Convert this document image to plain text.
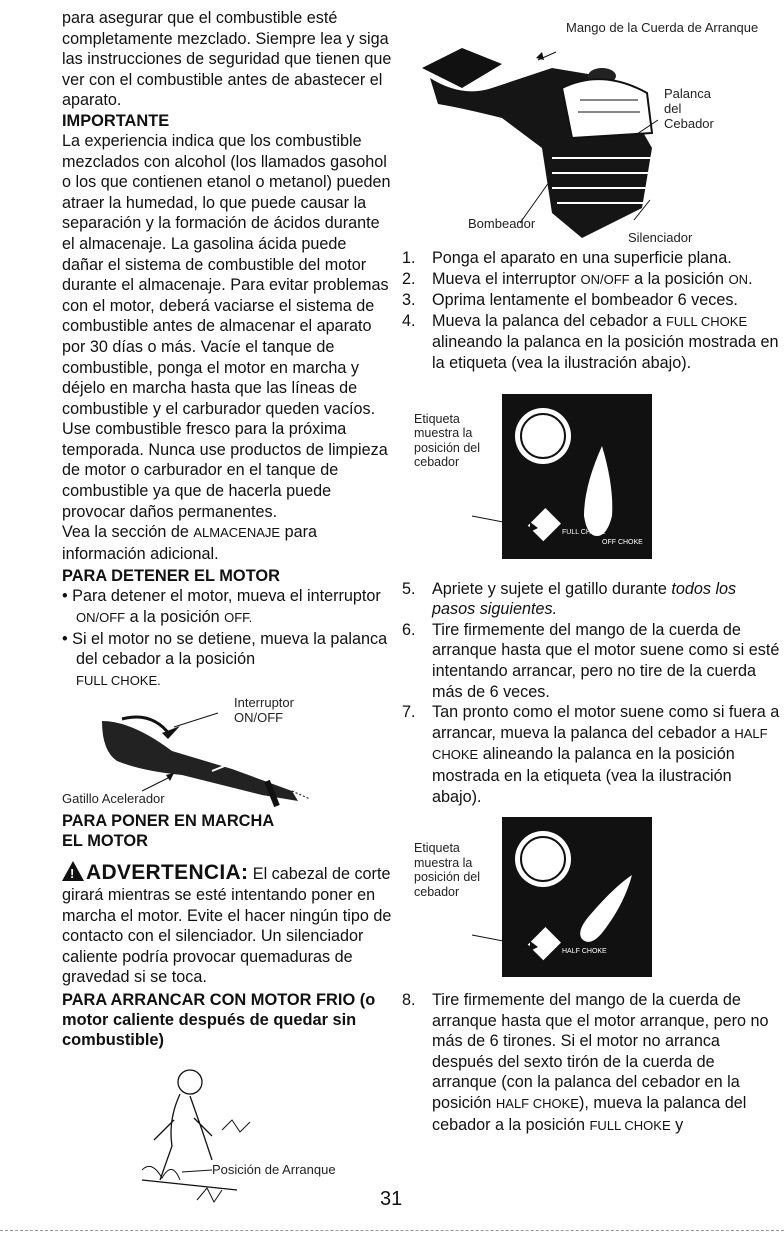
para asegurar que el combustible esté completamente mezclado. Siempre lea y siga las instrucciones de seguridad que tienen que ver con el combustible antes de abastecer el aparato.

IMPORTANTE

La experiencia indica que los combustible mezclados con alcohol (los llamados gasohol o los que contienen etanol o metanol) pueden atraer la humedad, lo que puede causar la separación y la formación de ácidos durante el almacenaje. La gasolina ácida puede dañar el sistema de combustible del motor durante el almacenaje. Para evitar problemas con el motor, deberá vaciarse el sistema de combustible antes de almacenar el aparato por 30 días o más. Vacíe el tanque de combustible, ponga el motor en marcha y déjelo en marcha hasta que las líneas de combustible y el carburador queden vacíos. Use combustible fresco para la próxima temporada. Nunca use productos de limpieza de motor o carburador en el tanque de combustible ya que de hacerla puede provocar daños permanentes.

Vea la sección de ALMACENAJE para información adicional.

PARA DETENER EL MOTOR

• Para detener el motor, mueva el interruptor ON/OFF a la posición OFF.

• Si el motor no se detiene, mueva la palanca del cebador a la posición
FULL CHOKE.

Interruptor ON/OFF
Gatillo Acelerador

PARA PONER EN MARCHA EL MOTOR

!ADVERTENCIA: El cabezal de corte girará mientras se esté intentando poner en marcha el motor. Evite el hacer ningún tipo de contacto con el silenciador. Un silenciador caliente podría provocar quemaduras de gravedad si se toca.

PARA ARRANCAR CON MOTOR FRIO (o motor caliente después de quedar sin combustible)

Posición de Arranque
Mango de la Cuerda de Arranque
Palanca del Cebador
Bombeador
Silenciador
1. Ponga el aparato en una superficie plana.
2. Mueva el interruptor ON/OFF a la posición ON.
3. Oprima lentamente el bombeador 6 veces.
4. Mueva la palanca del cebador a FULL CHOKE alineando la palanca en la posición mostrada en la etiqueta (vea la ilustración abajo).
Etiqueta muestra la posición del cebador
FULL CHOKE
OFF CHOKE
5. Apriete y sujete el gatillo durante todos los pasos siguientes.
6. Tire firmemente del mango de la cuerda de arranque hasta que el motor suene como si esté intentando arrancar, pero no tire de la cuerda más de 6 veces.
7. Tan pronto como el motor suene como si fuera a arrancar, mueva la palanca del cebador a HALF CHOKE alineando la palanca en la posición mostrada en la etiqueta (vea la ilustración abajo).
Etiqueta muestra la posición del cebador
HALF CHOKE
8. Tire firmemente del mango de la cuerda de arranque hasta que el motor arranque, pero no más de 6 tirones. Si el motor no arranca después del sexto tirón de la cuerda de arranque (con la palanca del cebador en la posición HALF CHOKE), mueva la palanca del cebador a la posición FULL CHOKE y
31
